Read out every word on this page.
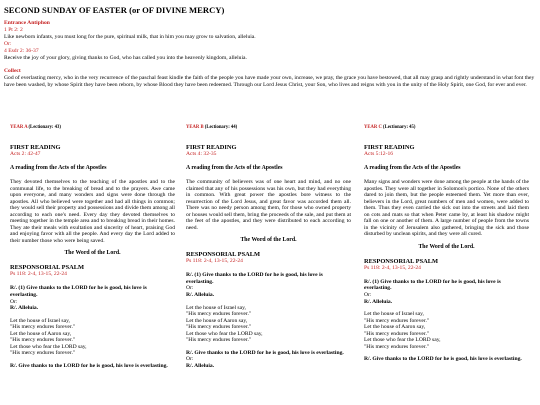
SECOND SUNDAY OF EASTER (or OF DIVINE MERCY)
Entrance Antiphon
1 Pt 2: 2
Like newborn infants, you must long for the pure, spiritual milk, that in him you may grow to salvation, alleluia.
Or:
4 Esdr 2: 36-37
Receive the joy of your glory, giving thanks to God, who has called you into the heavenly kingdom, alleluia.
Collect
God of everlasting mercy, who in the very recurrence of the paschal feast kindle the faith of the people you have made your own, increase, we pray, the grace you have bestowed, that all may grasp and rightly understand in what font they have been washed, by whose Spirit they have been reborn, by whose Blood they have been redeemed. Through our Lord Jesus Christ, your Son, who lives and reigns with you in the unity of the Holy Spirit, one God, for ever and ever.
YEAR A (Lectionary: 43)
FIRST READING
Acts 2: 42-47
A reading from the Acts of the Apostles
They devoted themselves to the teaching of the apostles and to the communal life, to the breaking of bread and to the prayers. Awe came upon everyone, and many wonders and signs were done through the apostles. All who believed were together and had all things in common; they would sell their property and possessions and divide them among all according to each one's need. Every day they devoted themselves to meeting together in the temple area and to breaking bread in their homes. They ate their meals with exultation and sincerity of heart, praising God and enjoying favor with all the people. And every day the Lord added to their number those who were being saved.
The Word of the Lord.
RESPONSORIAL PSALM
Ps 118: 2-4, 13-15, 22-24
R/. (1) Give thanks to the LORD for he is good, his love is everlasting.
Or:
R/. Alleluia.
Let the house of Israel say,
"His mercy endures forever."
Let the house of Aaron say,
"His mercy endures forever."
Let those who fear the LORD say,
"His mercy endures forever."
R/. Give thanks to the LORD for he is good, his love is everlasting.
YEAR B (Lectionary: 44)
FIRST READING
Acts 4: 32-35
A reading from the Acts of the Apostles
The community of believers was of one heart and mind, and no one claimed that any of his possessions was his own, but they had everything in common. With great power the apostles bore witness to the resurrection of the Lord Jesus, and great favor was accorded them all. There was no needy person among them, for those who owned property or houses would sell them, bring the proceeds of the sale, and put them at the feet of the apostles, and they were distributed to each according to need.
The Word of the Lord.
RESPONSORIAL PSALM
Ps 118: 2-4, 13-15, 22-24
R/. (1) Give thanks to the LORD for he is good, his love is everlasting.
Or:
R/. Alleluia.
Let the house of Israel say,
"His mercy endures forever."
Let the house of Aaron say,
"His mercy endures forever."
Let those who fear the LORD say,
"His mercy endures forever."
R/. Give thanks to the LORD for he is good, his love is everlasting.
Or:
R/. Alleluia.
YEAR C (Lectionary: 45)
FIRST READING
Acts 5:12-16
A reading from the Acts of the Apostles
Many signs and wonders were done among the people at the hands of the apostles. They were all together in Solomon's portico. None of the others dared to join them, but the people esteemed them. Yet more than ever, believers in the Lord, great numbers of men and women, were added to them. Thus they even carried the sick out into the streets and laid them on cots and mats so that when Peter came by, at least his shadow might fall on one or another of them. A large number of people from the towns in the vicinity of Jerusalem also gathered, bringing the sick and those disturbed by unclean spirits, and they were all cured.
The Word of the Lord.
RESPONSORIAL PSALM
Ps 118: 2-4, 13-15, 22-24
R/. (1) Give thanks to the LORD for he is good, his love is everlasting.
Or:
R/. Alleluia.
Let the house of Israel say,
"His mercy endures forever."
Let the house of Aaron say,
"His mercy endures forever."
Let those who fear the LORD say,
"His mercy endures forever."
R/. Give thanks to the LORD for he is good, his love is everlasting.
